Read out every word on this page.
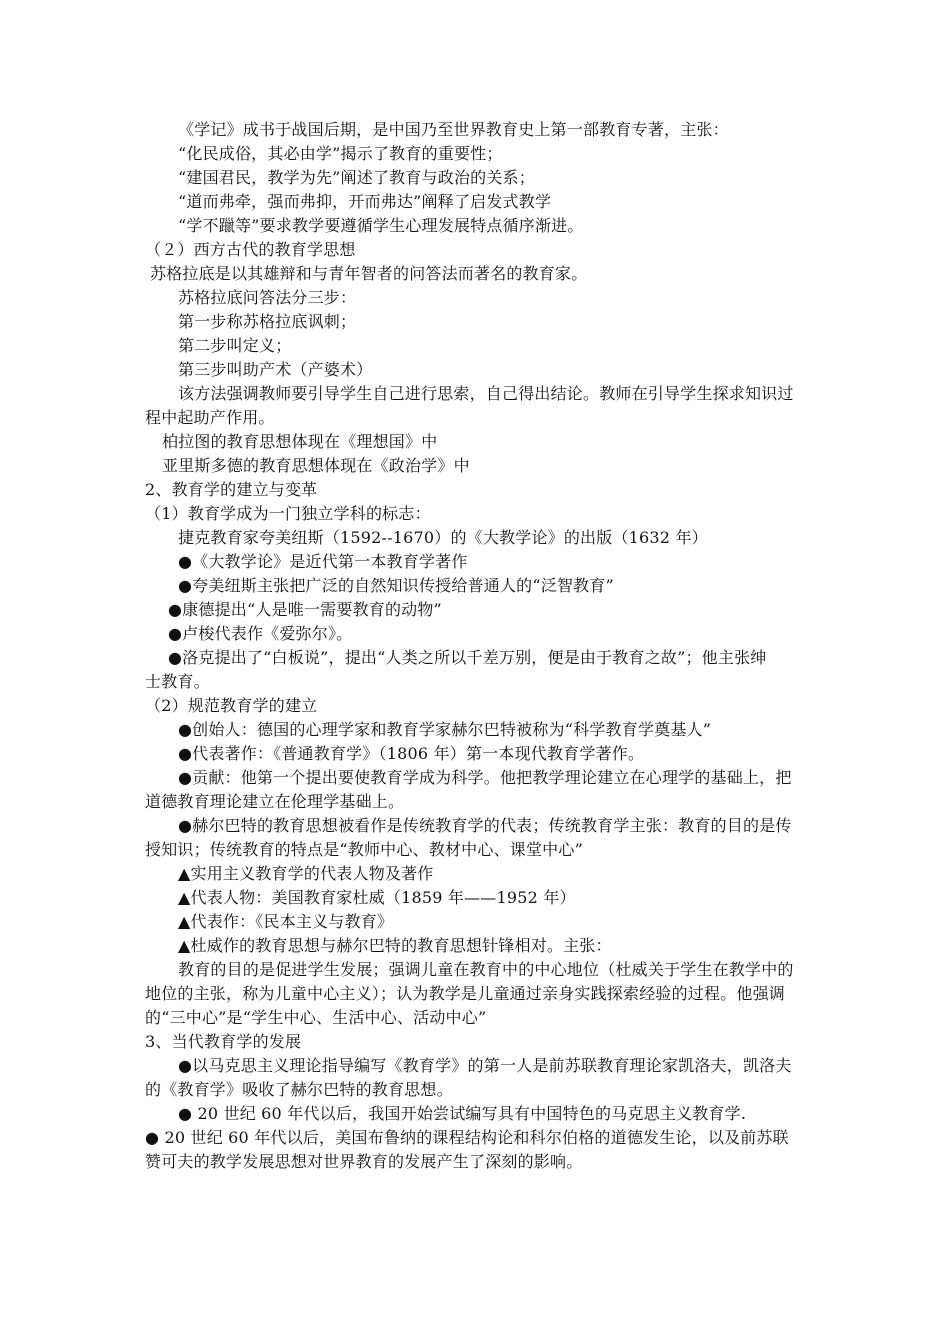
《学记》成书于战国后期，是中国乃至世界教育史上第一部教育专著，主张：
“化民成俗，其必由学”揭示了教育的重要性；
“建国君民，教学为先”阐述了教育与政治的关系；
“道而弗牵，强而弗抑，开而弗达”阐释了启发式教学
“学不躐等”要求教学要遵循学生心理发展特点循序渐进。
（２）西方古代的教育学思想
苏格拉底是以其雄辩和与青年智者的问答法而著名的教育家。
苏格拉底问答法分三步：
第一步称苏格拉底讽刺；
第二步叫定义；
第三步叫助产术（产婆术）
该方法强调教师要引导学生自己进行思索，自己得出结论。教师在引导学生探求知识过
程中起助产作用。
柏拉图的教育思想体现在《理想国》中
亚里斯多德的教育思想体现在《政治学》中
2、教育学的建立与变革
（1）教育学成为一门独立学科的标志：
捷克教育家夸美纽斯（1592--1670）的《大教学论》的出版（1632 年）
●《大教学论》是近代第一本教育学著作
●夸美纽斯主张把广泛的自然知识传授给普通人的“泛智教育”
●康德提出“人是唯一需要教育的动物”
●卢梭代表作《爱弥尔》。
●洛克提出了“白板说”，提出“人类之所以千差万别，便是由于教育之故”；他主张绅
士教育。
（2）规范教育学的建立
●创始人：德国的心理学家和教育学家赫尔巴特被称为“科学教育学奠基人”
●代表著作：《普通教育学》（1806 年）第一本现代教育学著作。
●贡献：他第一个提出要使教育学成为科学。他把教学理论建立在心理学的基础上，把
道德教育理论建立在伦理学基础上。
●赫尔巴特的教育思想被看作是传统教育学的代表；传统教育学主张：教育的目的是传
授知识；传统教育的特点是“教师中心、教材中心、课堂中心”
▲实用主义教育学的代表人物及著作
▲代表人物：美国教育家杜威（1859 年——1952 年）
▲代表作：《民本主义与教育》
▲杜威作的教育思想与赫尔巴特的教育思想针锋相对。主张：
教育的目的是促进学生发展；强调儿童在教育中的中心地位（杜威关于学生在教学中的
地位的主张，称为儿童中心主义）；认为教学是儿童通过亲身实践探索经验的过程。他强调
的“三中心”是“学生中心、生活中心、活动中心”
3、当代教育学的发展
●以马克思主义理论指导编写《教育学》的第一人是前苏联教育理论家凯洛夫，凯洛夫
的《教育学》吸收了赫尔巴特的教育思想。
● 20 世纪 60 年代以后，我国开始尝试编写具有中国特色的马克思主义教育学.
● 20 世纪 60 年代以后，美国布鲁纳的课程结构论和科尔伯格的道德发生论，以及前苏联
赞可夫的教学发展思想对世界教育的发展产生了深刻的影响。
